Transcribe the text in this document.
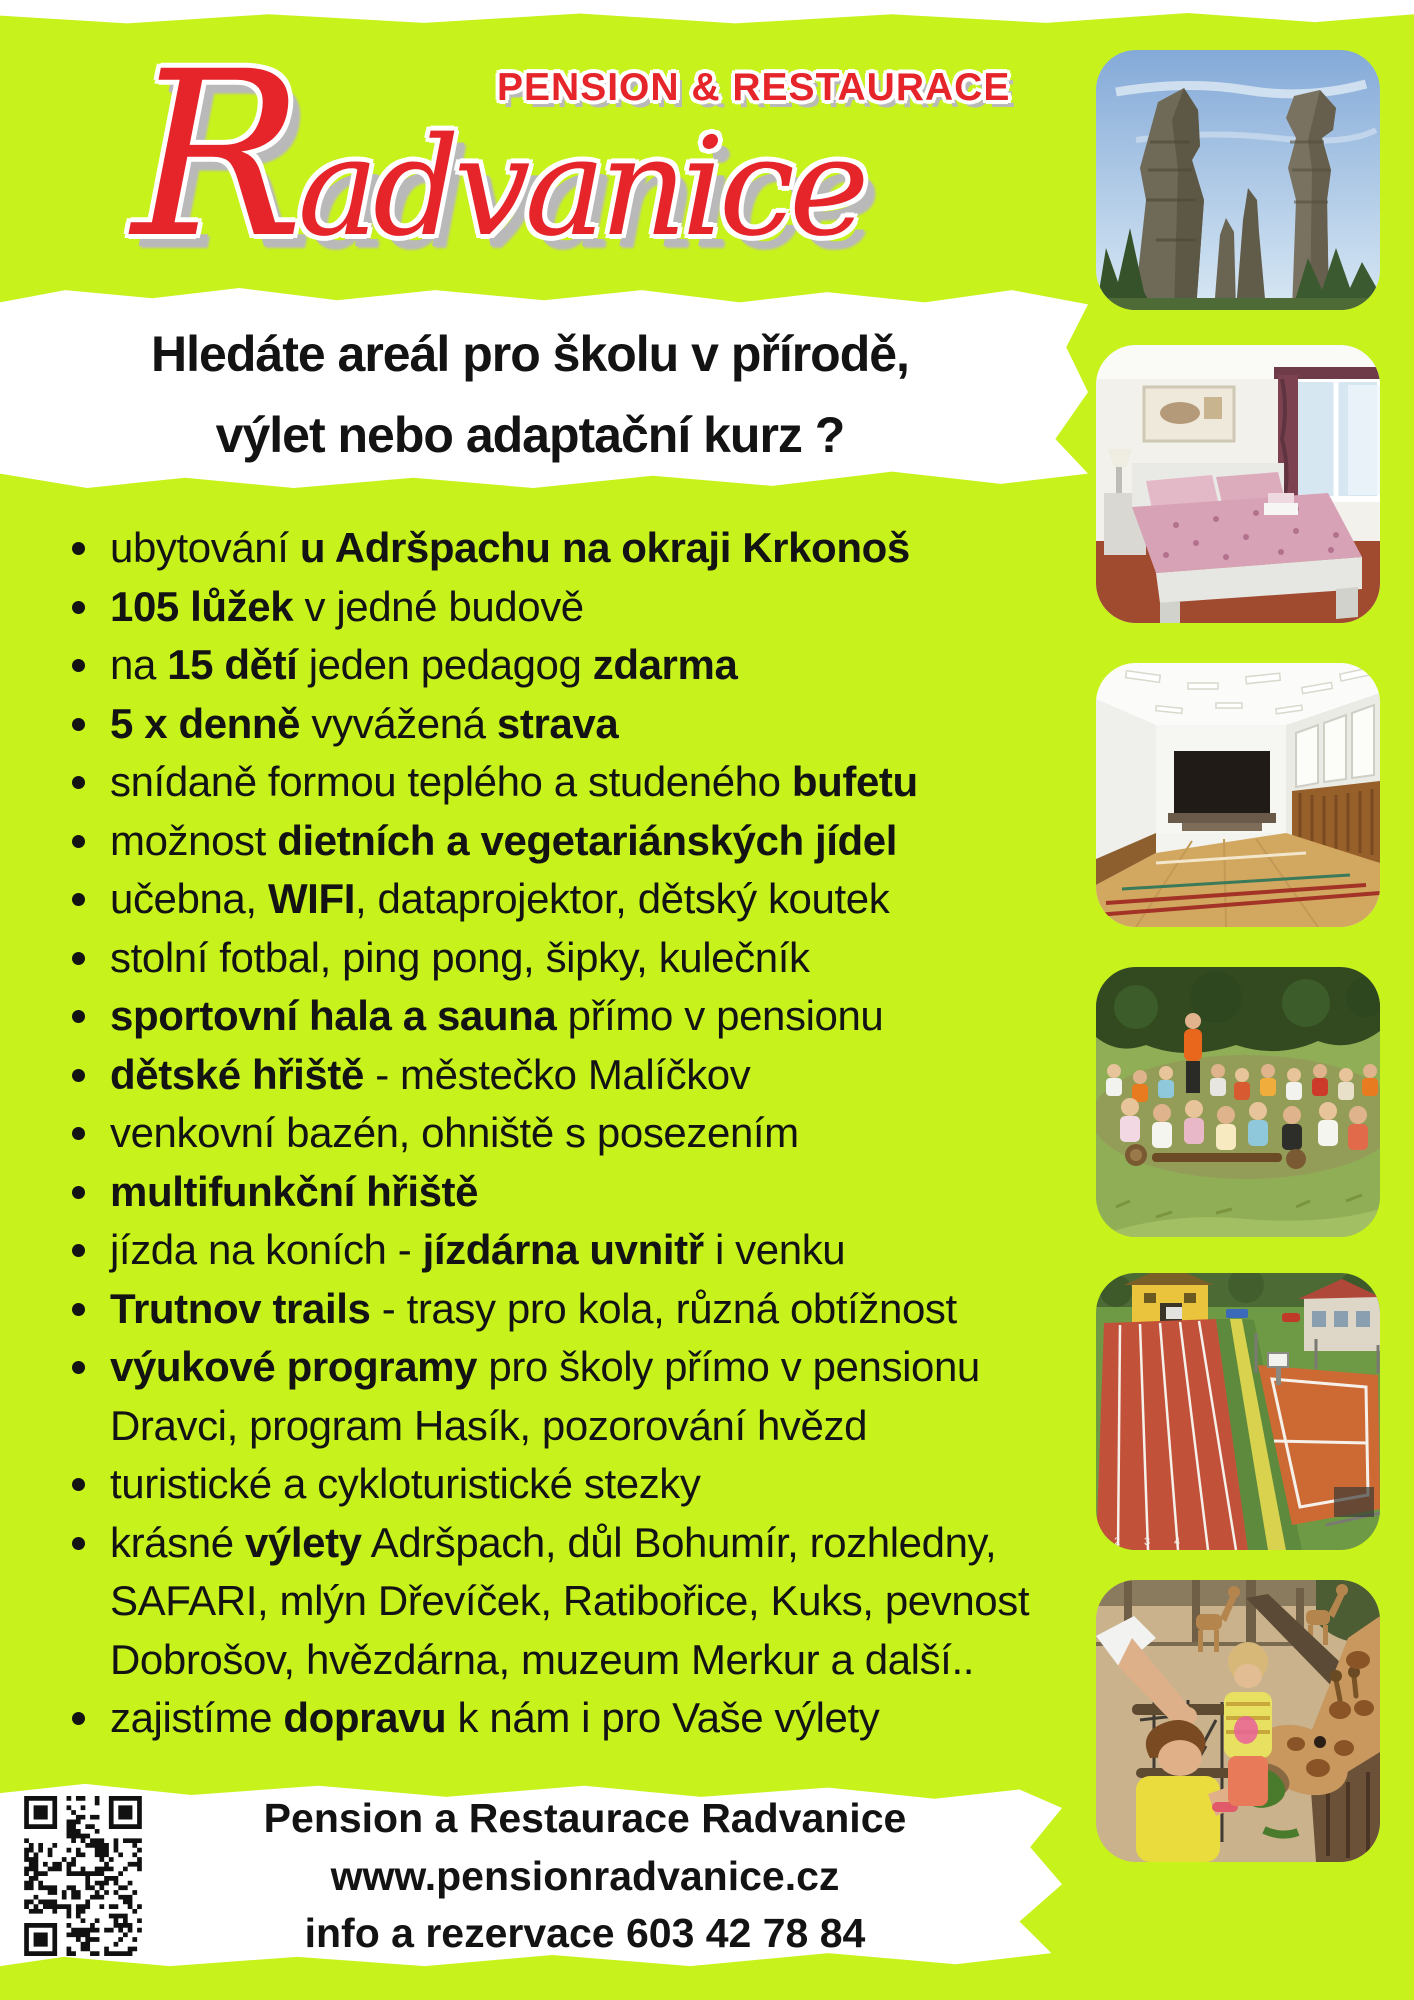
Radvanice
PENSION & RESTAURACE
Hledáte areál pro školu v přírodě,
výlet nebo adaptační kurz ?
ubytování u Adršpachu na okraji Krkonoš
105 lůžek v jedné budově
na 15 dětí jeden pedagog zdarma
5 x denně vyvážená strava
snídaně formou teplého a studeného bufetu
možnost dietních a vegetariánských jídel
učebna, WIFI, dataprojektor, dětský koutek
stolní fotbal, ping pong, šipky, kulečník
sportovní hala a sauna přímo v pensionu
dětské hřiště - městečko Malíčkov
venkovní bazén, ohniště s posezením
multifunkční hřiště
jízda na koních - jízdárna uvnitř i venku
Trutnov trails - trasy pro kola, různá obtížnost
výukové programy pro školy přímo v pensionu
Dravci, program Hasík, pozorování hvězd
turistické a cykloturistické stezky
krásné výlety Adršpach, důl Bohumír, rozhledny,
SAFARI, mlýn Dřevíček, Ratibořice, Kuks, pevnost
Dobrošov, hvězdárna, muzeum Merkur a další..
zajistíme dopravu k nám i pro Vaše výlety
2 3 4
Pension a Restaurace Radvanice
www.pensionradvanice.cz
info a rezervace 603 42 78 84
